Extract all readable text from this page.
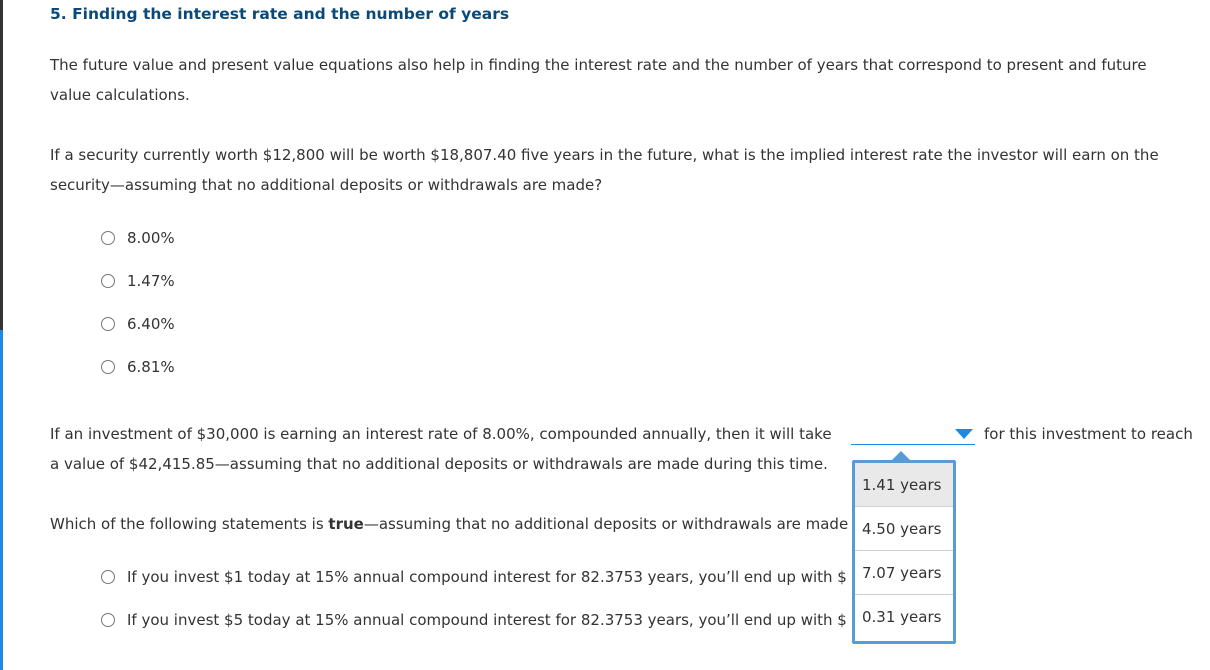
5. Finding the interest rate and the number of years
The future value and present value equations also help in finding the interest rate and the number of years that correspond to present and future value calculations.
If a security currently worth $12,800 will be worth $18,807.40 five years in the future, what is the implied interest rate the investor will earn on the security—assuming that no additional deposits or withdrawals are made?
8.00%
1.47%
6.40%
6.81%
If an investment of $30,000 is earning an interest rate of 8.00%, compounded annually, then it will take	for this investment to reach
a value of $42,415.85—assuming that no additional deposits or withdrawals are made during this time.
1.41 years
4.50 years
7.07 years
0.31 years
Which of the following statements is true—assuming that no additional deposits or withdrawals are made
If you invest $1 today at 15% annual compound interest for 82.3753 years, you’ll end up with $
If you invest $5 today at 15% annual compound interest for 82.3753 years, you’ll end up with $
